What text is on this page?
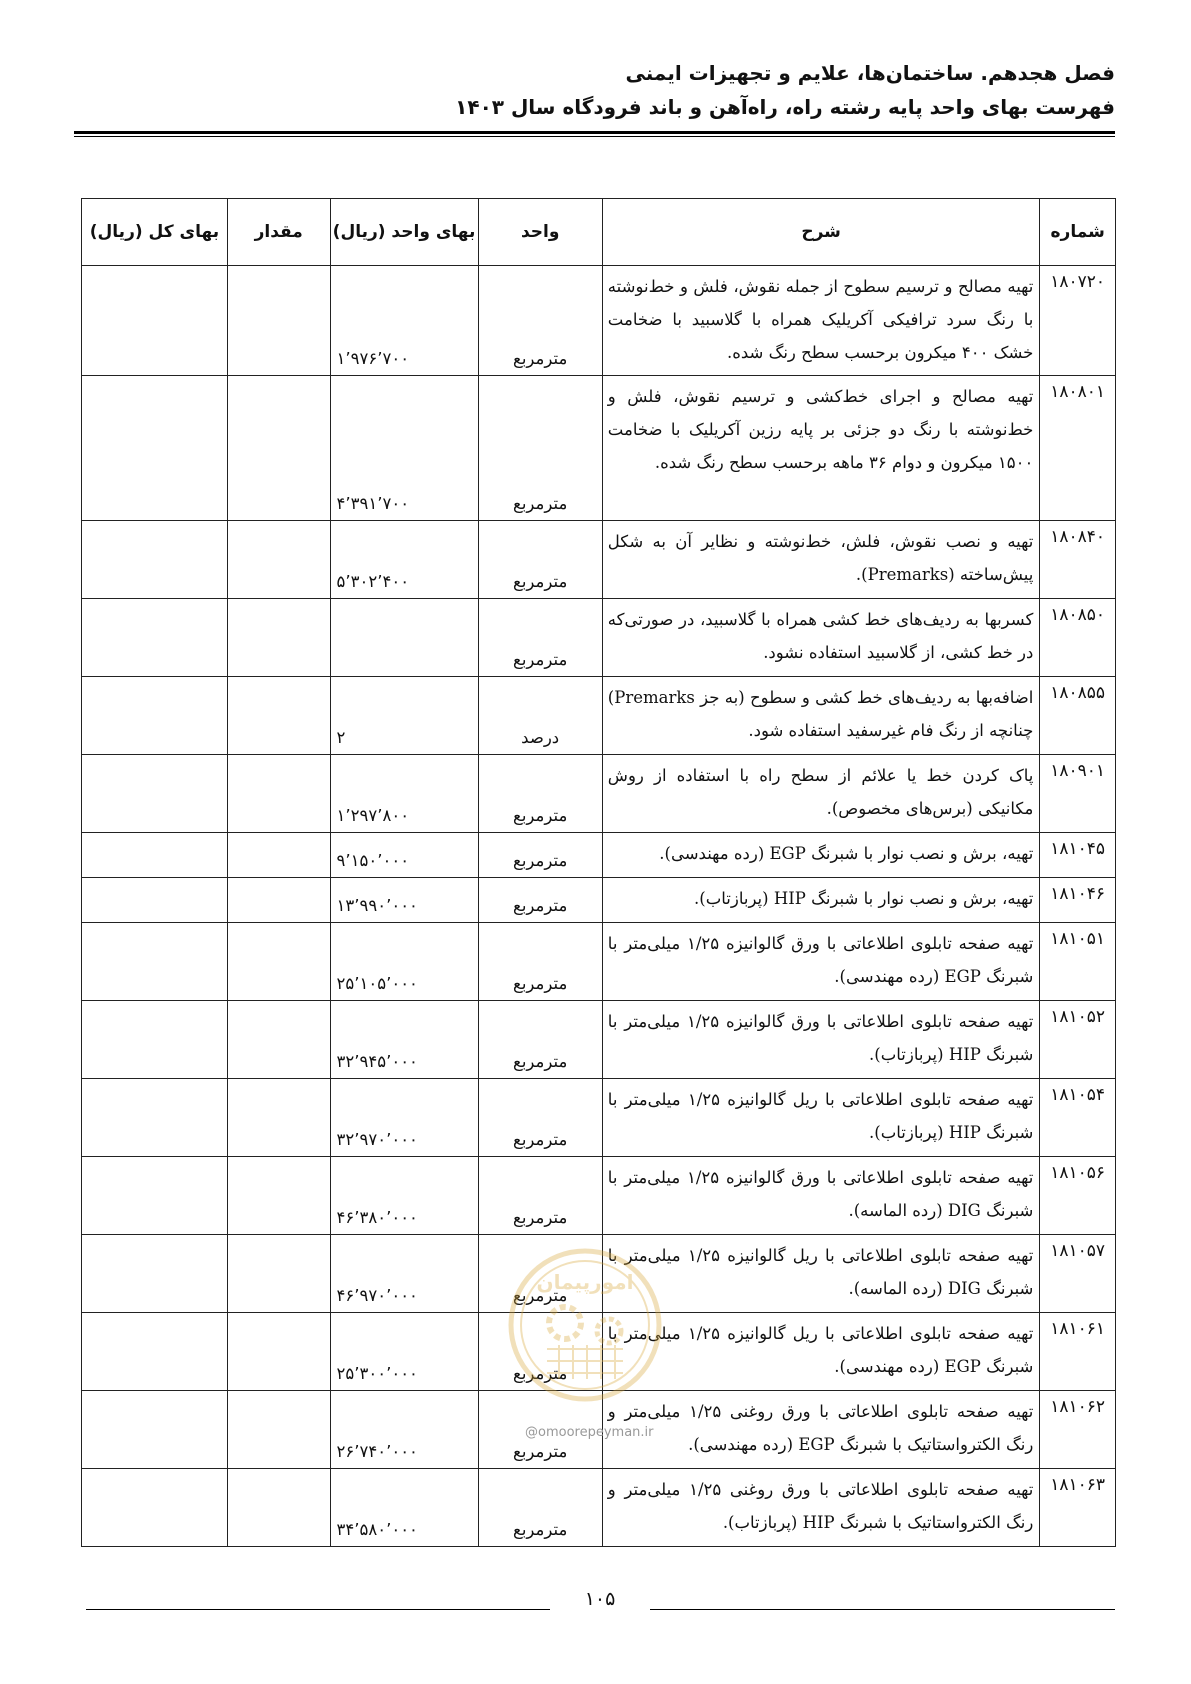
فصل هجدهم. ساختمان‌ها، علایم و تجهیزات ایمنی
فهرست بهای واحد پایه رشته راه، راه‌آهن و باند فرودگاه سال ۱۴۰۳
شماره	شرح	واحد	بهای واحد (ریال)	مقدار	بهای کل (ریال)
۱۸۰۷۲۰	تهیه مصالح و ترسیم سطوح از جمله نقوش، فلش و خط‌نوشته با رنگ سرد ترافیکی آکریلیک همراه با گلاسبید با ضخامت خشک ۴۰۰ میکرون برحسب سطح رنگ شده.	مترمربع	۱٬۹۷۶٬۷۰۰		
۱۸۰۸۰۱	تهیه مصالح و اجرای خط‌کشی و ترسیم نقوش، فلش و خط‌نوشته با رنگ دو جزئی بر پایه رزین آکریلیک با ضخامت ۱۵۰۰ میکرون و دوام ۳۶ ماهه برحسب سطح رنگ شده.	مترمربع	۴٬۳۹۱٬۷۰۰		
۱۸۰۸۴۰	تهیه و نصب نقوش، فلش، خط‌نوشته و نظایر آن به شکل پیش‌ساخته (Premarks).	مترمربع	۵٬۳۰۲٬۴۰۰		
۱۸۰۸۵۰	کسربها به ردیف‌های خط کشی همراه با گلاسبید، در صورتی‌که در خط کشی، از گلاسبید استفاده نشود.	مترمربع			
۱۸۰۸۵۵	اضافه‌بها به ردیف‌های خط کشی و سطوح (به جز Premarks) چنانچه از رنگ فام غیرسفید استفاده شود.	درصد	۲		
۱۸۰۹۰۱	پاک کردن خط یا علائم از سطح راه با استفاده از روش مکانیکی (برس‌های مخصوص).	مترمربع	۱٬۲۹۷٬۸۰۰		
۱۸۱۰۴۵	تهیه، برش و نصب نوار با شبرنگ EGP (رده مهندسی).	مترمربع	۹٬۱۵۰٬۰۰۰		
۱۸۱۰۴۶	تهیه، برش و نصب نوار با شبرنگ HIP (پربازتاب).	مترمربع	۱۳٬۹۹۰٬۰۰۰		
۱۸۱۰۵۱	تهیه صفحه تابلوی اطلاعاتی با ورق گالوانیزه ۱/۲۵ میلی‌متر با شبرنگ EGP (رده مهندسی).	مترمربع	۲۵٬۱۰۵٬۰۰۰		
۱۸۱۰۵۲	تهیه صفحه تابلوی اطلاعاتی با ورق گالوانیزه ۱/۲۵ میلی‌متر با شبرنگ HIP (پربازتاب).	مترمربع	۳۲٬۹۴۵٬۰۰۰		
۱۸۱۰۵۴	تهیه صفحه تابلوی اطلاعاتی با ریل گالوانیزه ۱/۲۵ میلی‌متر با شبرنگ HIP (پربازتاب).	مترمربع	۳۲٬۹۷۰٬۰۰۰		
۱۸۱۰۵۶	تهیه صفحه تابلوی اطلاعاتی با ورق گالوانیزه ۱/۲۵ میلی‌متر با شبرنگ DIG (رده الماسه).	مترمربع	۴۶٬۳۸۰٬۰۰۰		
۱۸۱۰۵۷	تهیه صفحه تابلوی اطلاعاتی با ریل گالوانیزه ۱/۲۵ میلی‌متر با شبرنگ DIG (رده الماسه).	مترمربع	۴۶٬۹۷۰٬۰۰۰		
۱۸۱۰۶۱	تهیه صفحه تابلوی اطلاعاتی با ریل گالوانیزه ۱/۲۵ میلی‌متر با شبرنگ EGP (رده مهندسی).	مترمربع	۲۵٬۳۰۰٬۰۰۰		
۱۸۱۰۶۲	تهیه صفحه تابلوی اطلاعاتی با ورق روغنی ۱/۲۵ میلی‌متر و رنگ الکترواستاتیک با شبرنگ EGP (رده مهندسی).	مترمربع	۲۶٬۷۴۰٬۰۰۰		
۱۸۱۰۶۳	تهیه صفحه تابلوی اطلاعاتی با ورق روغنی ۱/۲۵ میلی‌متر و رنگ الکترواستاتیک با شبرنگ HIP (پربازتاب).	مترمربع	۳۴٬۵۸۰٬۰۰۰		
امورپیمان
@omoorepeyman.ir
۱۰۵
